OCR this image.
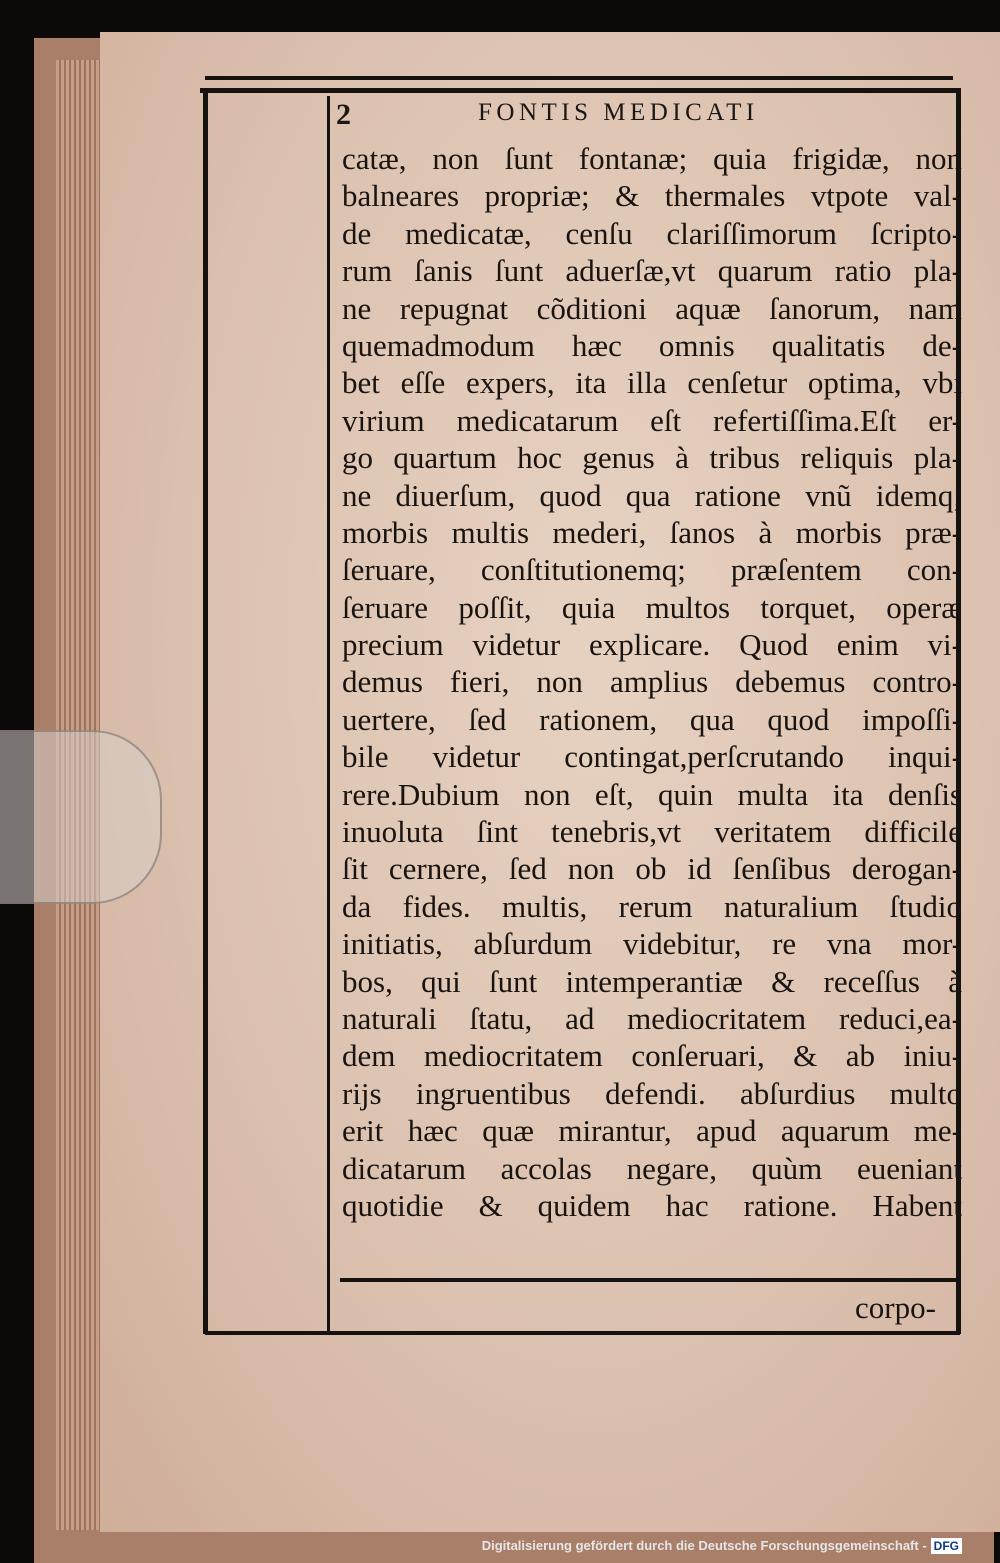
2	FONTIS MEDICATI
catæ, non ſunt fontanæ; quia frigidæ, non
balneares propriæ; & thermales vtpote val-
de medicatæ, cenſu clariſſimorum ſcripto-
rum ſanis ſunt aduerſæ,vt quarum ratio pla-
ne repugnat cõditioni aquæ ſanorum, nam
quemadmodum hæc omnis qualitatis de-
bet eſſe expers, ita illa cenſetur optima, vbi
virium medicatarum eſt refertiſſima.Eſt er-
go quartum hoc genus à tribus reliquis pla-
ne diuerſum, quod qua ratione vnũ idemq;
morbis multis mederi, ſanos à morbis præ-
ſeruare, conſtitutionemq; præſentem con-
ſeruare poſſit, quia multos torquet, operæ
precium videtur explicare. Quod enim vi-
demus fieri, non amplius debemus contro-
uertere, ſed rationem, qua quod impoſſi-
bile videtur contingat,perſcrutando inqui-
rere.Dubium non eſt, quin multa ita denſis
inuoluta ſint tenebris,vt veritatem difficile
ſit cernere, ſed non ob id ſenſibus derogan-
da fides. multis, rerum naturalium ſtudio
initiatis, abſurdum videbitur, re vna mor-
bos, qui ſunt intemperantiæ & receſſus à
naturali ſtatu, ad mediocritatem reduci,ea-
dem mediocritatem conſeruari, & ab iniu-
rijs ingruentibus defendi. abſurdius multo
erit hæc quæ mirantur, apud aquarum me-
dicatarum accolas negare, quùm eueniant
quotidie & quidem hac ratione. Habent
corpo-
Digitalisierung gefördert durch die Deutsche Forschungsgemeinschaft - DFG
